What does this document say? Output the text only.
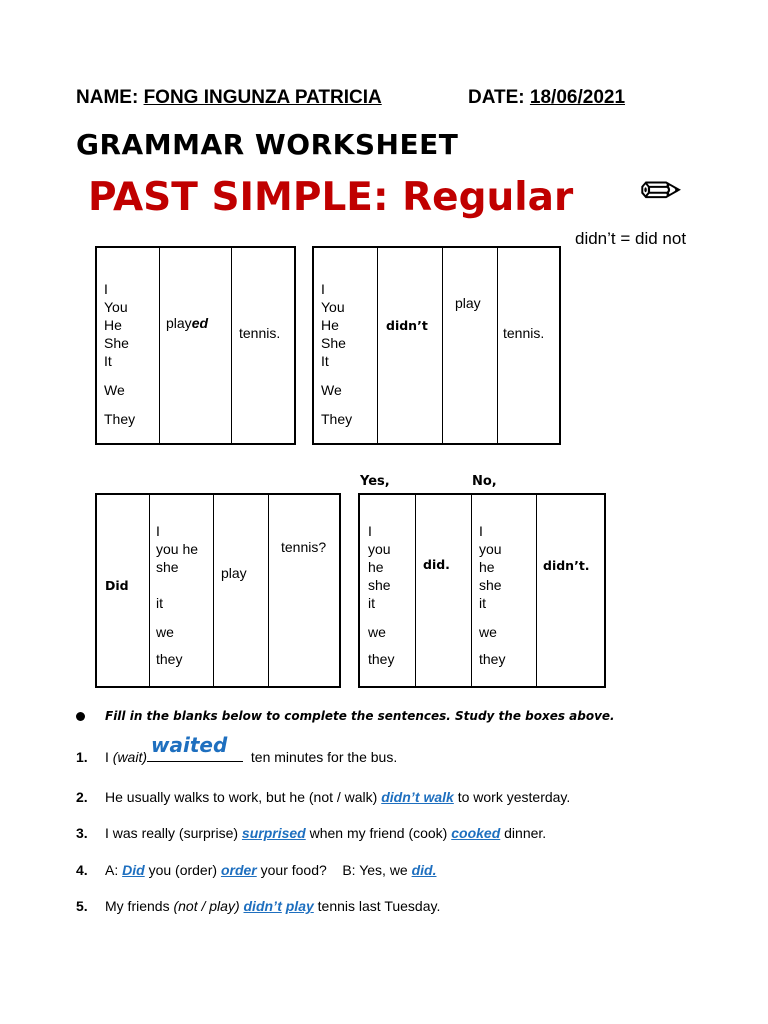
NAME: FONG INGUNZA PATRICIA	DATE: 18/06/2021
GRAMMAR WORKSHEET
PAST SIMPLE: Regular ✏
didn’t = did not
I
You
He
She
It
We
They
played
tennis.
I
You
He
She
It
We
They
didn’t
play
tennis.
Yes,	No,
Did
I
you he
she
it
we
they
play
tennis?
I
you
he
she
it
we
they
did.
I
you
he
she
it
we
they
didn’t.
Fill in the blanks below to complete the sentences. Study the boxes above.
1. I (wait) waited ten minutes for the bus.
2. He usually walks to work, but he (not / walk) didn’t walk to work yesterday.
3. I was really (surprise) surprised when my friend (cook) cooked dinner.
4. A: Did you (order) order your food?    B: Yes, we did.
5. My friends (not / play) didn’t play tennis last Tuesday.
